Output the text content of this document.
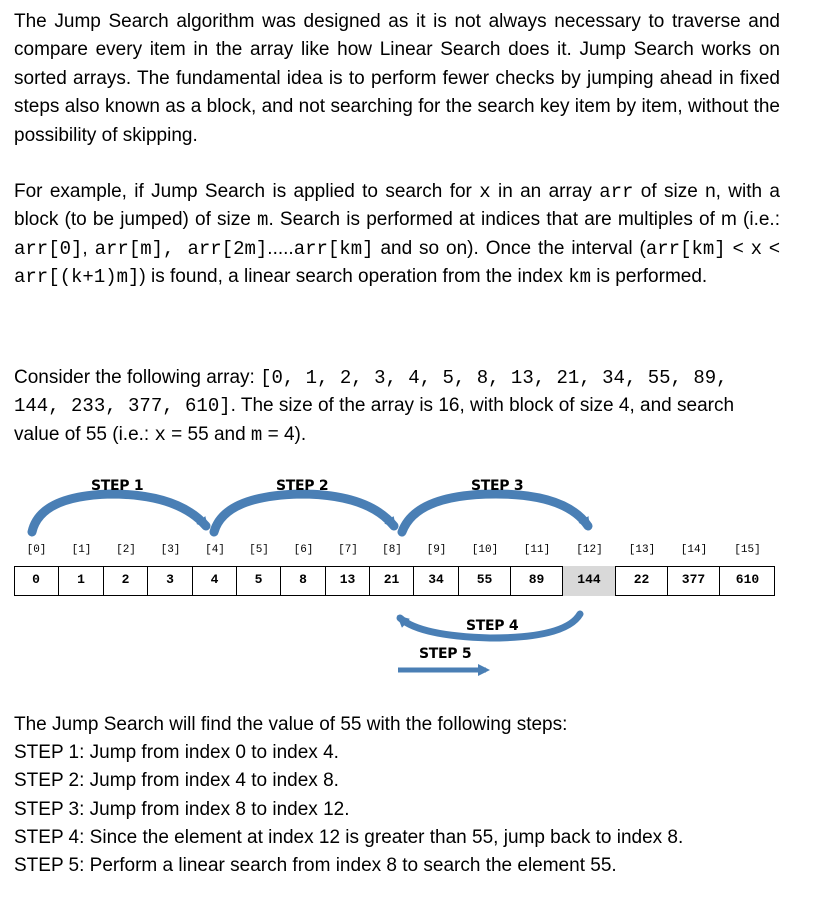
The Jump Search algorithm was designed as it is not always necessary to traverse and compare every item in the array like how Linear Search does it. Jump Search works on sorted arrays. The fundamental idea is to perform fewer checks by jumping ahead in fixed steps also known as a block, and not searching for the search key item by item, without the possibility of skipping.

For example, if Jump Search is applied to search for x in an array arr of size n, with a block (to be jumped) of size m. Search is performed at indices that are multiples of m (i.e.: arr[0], arr[m], arr[2m].....arr[km] and so on). Once the interval (arr[km] < x < arr[(k+1)m]) is found, a linear search operation from the index km is performed.

Consider the following array: [0, 1, 2, 3, 4, 5, 8, 13, 21, 34, 55, 89, 144, 233, 377, 610]. The size of the array is 16, with block of size 4, and search value of 55 (i.e.: x = 55 and m = 4).

STEP 1	STEP 2	STEP 3
STEP 4
STEP 5
[0]	[1]	[2]	[3]	[4]	[5]	[6]	[7]	[8]	[9]	[10]	[11]	[12]	[13]	[14]	[15]
0	1	2	3	4	5	8	13	21	34	55	89	144	22	377	610
The Jump Search will find the value of 55 with the following steps:
STEP 1: Jump from index 0 to index 4.
STEP 2: Jump from index 4 to index 8.
STEP 3: Jump from index 8 to index 12.
STEP 4: Since the element at index 12 is greater than 55, jump back to index 8.
STEP 5: Perform a linear search from index 8 to search the element 55.
